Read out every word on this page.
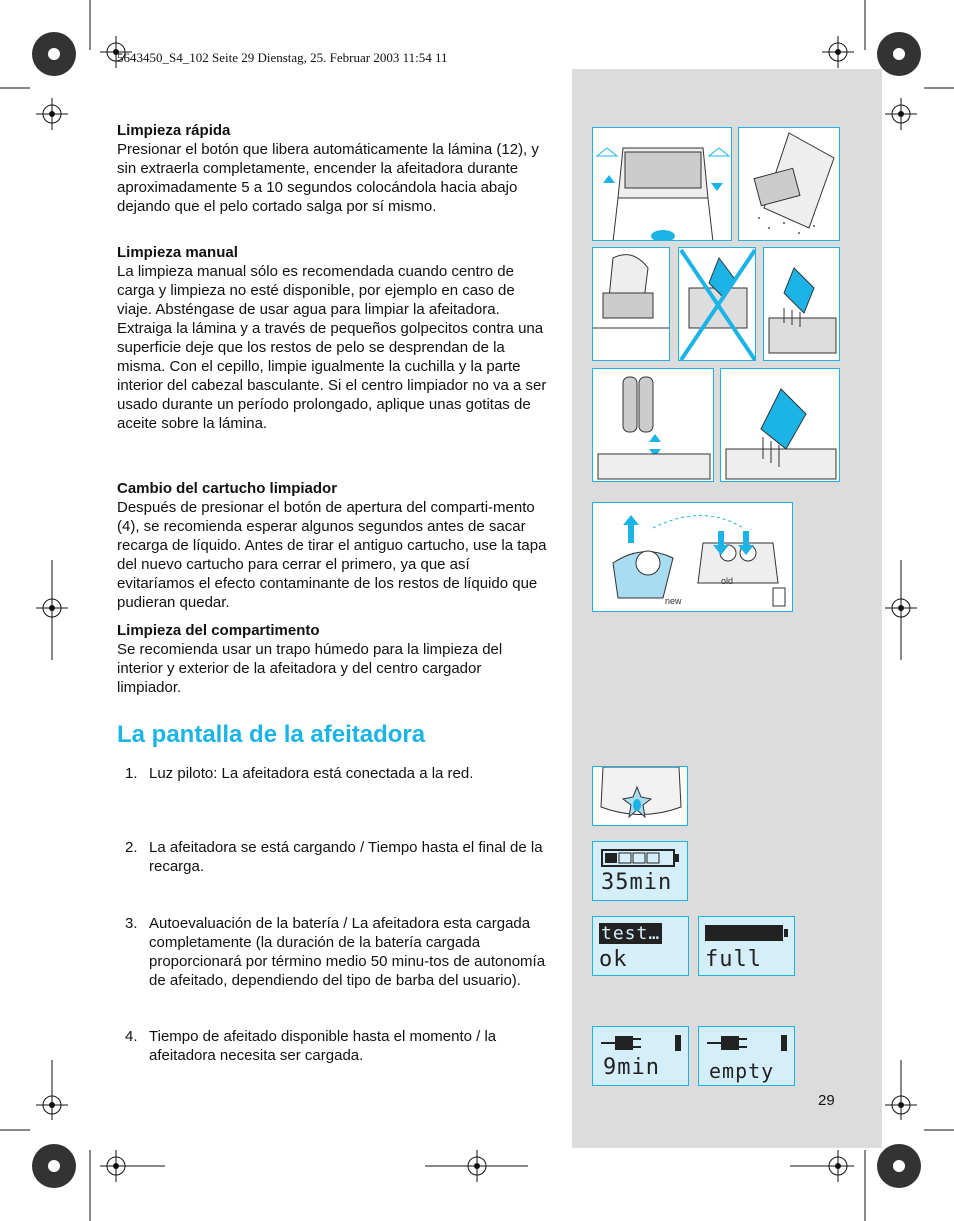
5643450_S4_102 Seite 29 Dienstag, 25. Februar 2003 11:54 11
Limpieza rápida

Presionar el botón que libera automáticamente la lámina (12), y sin extraerla completamente, encender la afeitadora durante aproximadamente 5 a 10 segundos colocándola hacia abajo dejando que el pelo cortado salga por sí mismo.

Limpieza manual

La limpieza manual sólo es recomendada cuando centro de carga y limpieza no esté disponible, por ejemplo en caso de viaje. Absténgase de usar agua para limpiar la afeitadora.

Extraiga la lámina y a través de pequeños golpecitos contra una superficie deje que los restos de pelo se desprendan de la misma. Con el cepillo, limpie igualmente la cuchilla y la parte interior del cabezal basculante. Si el centro limpiador no va a ser usado durante un período prolongado, aplique unas gotitas de aceite sobre la lámina.

Cambio del cartucho limpiador

Después de presionar el botón de apertura del comparti-mento (4), se recomienda esperar algunos segundos antes de sacar recarga de líquido. Antes de tirar el antiguo cartucho, use la tapa del nuevo cartucho para cerrar el primero, ya que así evitaríamos el efecto contaminante de los restos de líquido que pudieran quedar.

Limpieza del compartimento

Se recomienda usar un trapo húmedo para la limpieza del interior y exterior de la afeitadora y del centro cargador limpiador.

La pantalla de la afeitadora
1. Luz piloto: La afeitadora está conectada a la red.
2. La afeitadora se está cargando / Tiempo hasta el final de la recarga.
3. Autoevaluación de la batería / La afeitadora esta cargada completamente (la duración de la batería cargada proporcionará por término medio 50 minu-tos de autonomía de afeitado, dependiendo del tipo de barba del usuario).
4. Tiempo de afeitado disponible hasta el momento / la afeitadora necesita ser cargada.
29
new
old
35min
test…
ok	full
9min empty
